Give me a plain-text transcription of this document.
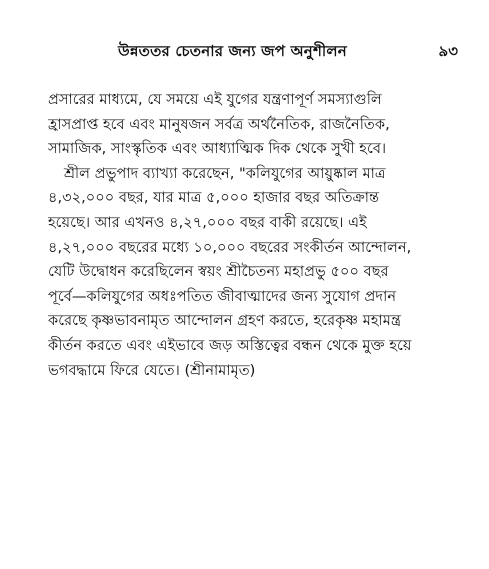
উন্নততর চেতনার জন্য জপ অনুশীলন	৯৩
প্রসারের মাধ্যমে, যে সময়ে এই যুগের যন্ত্রণাপূর্ণ সমস্যাগুলি
হ্রাসপ্রাপ্ত হবে এবং মানুষজন সর্বত্র অর্থনৈতিক, রাজনৈতিক,
সামাজিক, সাংস্কৃতিক এবং আধ্যাত্মিক দিক থেকে সুখী হবে।
শ্রীল প্রভুপাদ ব্যাখ্যা করেছেন, "কলিযুগের আয়ুষ্কাল মাত্র
৪,৩২,০০০ বছর, যার মাত্র ৫,০০০ হাজার বছর অতিক্রান্ত
হয়েছে। আর এখনও ৪,২৭,০০০ বছর বাকী রয়েছে। এই
৪,২৭,০০০ বছরের মধ্যে ১০,০০০ বছরের সংকীর্তন আন্দোলন,
যেটি উদ্বোধন করেছিলেন স্বয়ং শ্রীচৈতন্য মহাপ্রভু ৫০০ বছর
পূর্বে—কলিযুগের অধঃপতিত জীবাত্মাদের জন্য সুযোগ প্রদান
করেছে কৃষ্ণভাবনামৃত আন্দোলন গ্রহণ করতে, হরেকৃষ্ণ মহামন্ত্র
কীর্তন করতে এবং এইভাবে জড় অস্তিত্বের বন্ধন থেকে মুক্ত হয়ে
ভগবদ্ধামে ফিরে যেতে। (শ্রীনামামৃত)
